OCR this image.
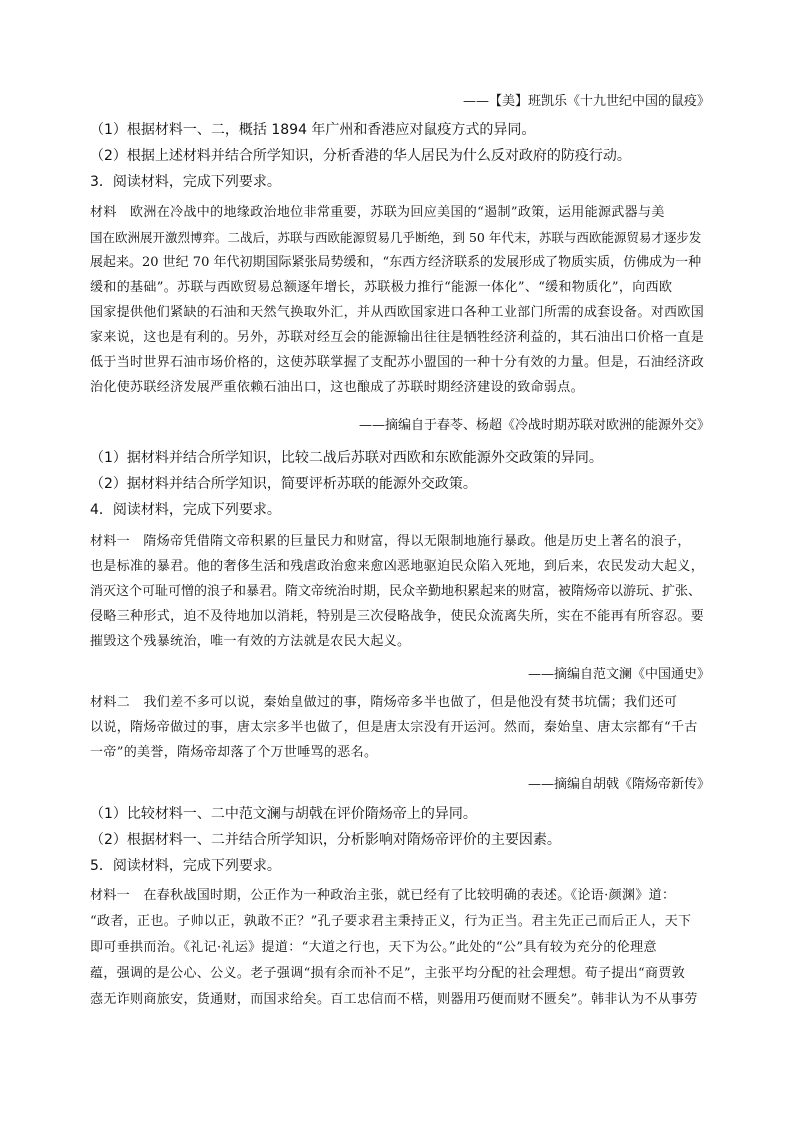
——【美】班凯乐《十九世纪中国的鼠疫》
（1）根据材料一、二，概括 1894 年广州和香港应对鼠疫方式的异同。
（2）根据上述材料并结合所学知识，分析香港的华人居民为什么反对政府的防疫行动。
3．阅读材料，完成下列要求。
材料　欧洲在冷战中的地缘政治地位非常重要，苏联为回应美国的“遏制”政策，运用能源武器与美
国在欧洲展开激烈博弈。二战后，苏联与西欧能源贸易几乎断绝，到 50 年代末，苏联与西欧能源贸易才逐步发
展起来。20 世纪 70 年代初期国际紧张局势缓和，“东西方经济联系的发展形成了物质实质，仿佛成为一种
缓和的基础”。苏联与西欧贸易总额逐年增长，苏联极力推行“能源一体化”、“缓和物质化”，向西欧
国家提供他们紧缺的石油和天然气换取外汇，并从西欧国家进口各种工业部门所需的成套设备。对西欧国
家来说，这也是有利的。另外，苏联对经互会的能源输出往往是牺牲经济利益的，其石油出口价格一直是
低于当时世界石油市场价格的，这使苏联掌握了支配苏小盟国的一种十分有效的力量。但是，石油经济政
治化使苏联经济发展严重依赖石油出口，这也酿成了苏联时期经济建设的致命弱点。
——摘编自于春苓、杨超《冷战时期苏联对欧洲的能源外交》
（1）据材料并结合所学知识，比较二战后苏联对西欧和东欧能源外交政策的异同。
（2）据材料并结合所学知识，简要评析苏联的能源外交政策。
4．阅读材料，完成下列要求。
材料一　隋炀帝凭借隋文帝积累的巨量民力和财富，得以无限制地施行暴政。他是历史上著名的浪子，
也是标准的暴君。他的奢侈生活和残虐政治愈来愈凶恶地驱迫民众陷入死地，到后来，农民发动大起义，
消灭这个可耻可憎的浪子和暴君。隋文帝统治时期，民众辛勤地积累起来的财富，被隋炀帝以游玩、扩张、
侵略三种形式，迫不及待地加以消耗，特别是三次侵略战争，使民众流离失所，实在不能再有所容忍。要
摧毁这个残暴统治，唯一有效的方法就是农民大起义。
——摘编自范文澜《中国通史》
材料二　我们差不多可以说，秦始皇做过的事，隋炀帝多半也做了，但是他没有焚书坑儒；我们还可
以说，隋炀帝做过的事，唐太宗多半也做了，但是唐太宗没有开运河。然而，秦始皇、唐太宗都有“千古
一帝”的美誉，隋炀帝却落了个万世唾骂的恶名。
——摘编自胡戟《隋炀帝新传》
（1）比较材料一、二中范文澜与胡戟在评价隋炀帝上的异同。
（2）根据材料一、二并结合所学知识，分析影响对隋炀帝评价的主要因素。
5．阅读材料，完成下列要求。
材料一　在春秋战国时期，公正作为一种政治主张，就已经有了比较明确的表述。《论语·颜渊》道：
“政者，正也。子帅以正，孰敢不正？”孔子要求君主秉持正义，行为正当。君主先正己而后正人，天下
即可垂拱而治。《礼记·礼运》提道：“大道之行也，天下为公。”此处的“公”具有较为充分的伦理意
蕴，强调的是公心、公义。老子强调“损有余而补不足”，主张平均分配的社会理想。荀子提出“商贾敦
悫无诈则商旅安，货通财，而国求给矣。百工忠信而不楛，则器用巧便而财不匮矣”。韩非认为不从事劳
